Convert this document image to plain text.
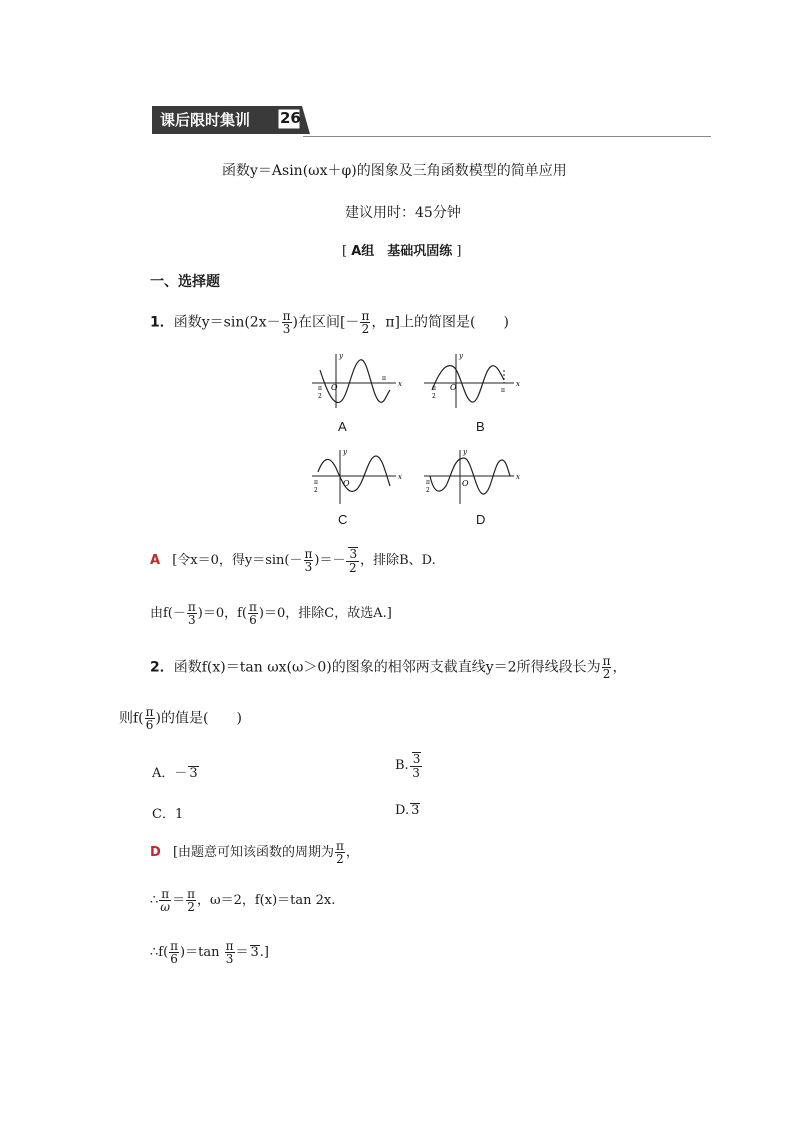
课后限时集训 26
函数y＝Asin(ωx＋φ)的图象及三角函数模型的简单应用
建议用时：45分钟
[ A组　基础巩固练 ]
一、选择题
1．函数$y=\sin(2x- \frac{\pi}{3}$ )在区间[－ $\frac{\pi}{2}$ ，π]上的简图是(　　)
x
y
O
π
π
2
x
y
O	π
π
2
A	B
x
y
O
π
2
x
y
O
π
2
C	D
A [令x＝0，得$y=\sin(- \frac{\pi}{3}$ )＝－ $\frac{3}{2}$ ，排除B、D.
由$f(- \frac{\pi}{3} )=0$，$f( \frac{\pi}{6} )=0$，排除C，故选A.]
2．函数f(x)＝tan ωx(ω＞0)的图象的相邻两支截直线y＝2所得线段长为 $\frac{\pi}{2}$ ，
则$f( \frac{\pi}{6}$ )的值是(　　)
A．－ 3
B. $\frac{3}{3}$
C．1	D. 3
D [由题意可知该函数的周期为 $\frac{\pi}{2}$ ，
∴ $\frac{\pi}{\omega} = \frac{\pi}{2}$ ，ω＝2，f(x)＝tan 2x.
∴f( $\frac{\pi}{6} )=\tan \frac{\pi}{3} = 3$.]
